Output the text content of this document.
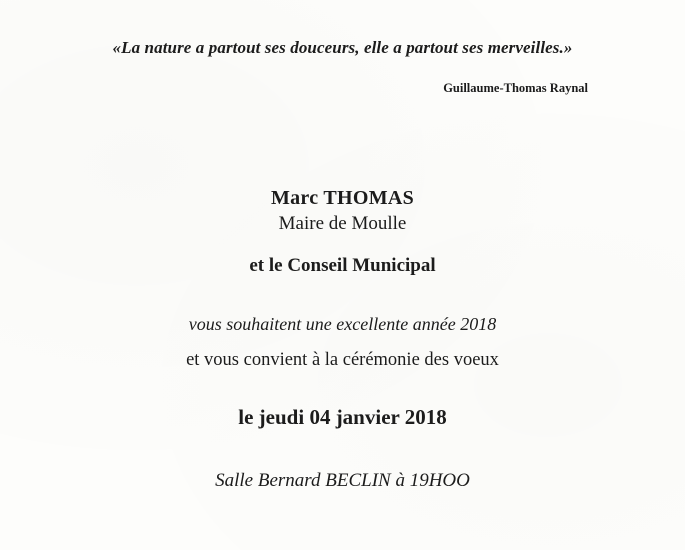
«La nature a partout ses douceurs, elle a partout ses merveilles.»
Guillaume-Thomas Raynal
Marc THOMAS
Maire de Moulle
et le Conseil Municipal
vous souhaitent une excellente année 2018
et vous convient à la cérémonie des voeux
le jeudi 04 janvier 2018
Salle Bernard BECLIN à 19HOO
